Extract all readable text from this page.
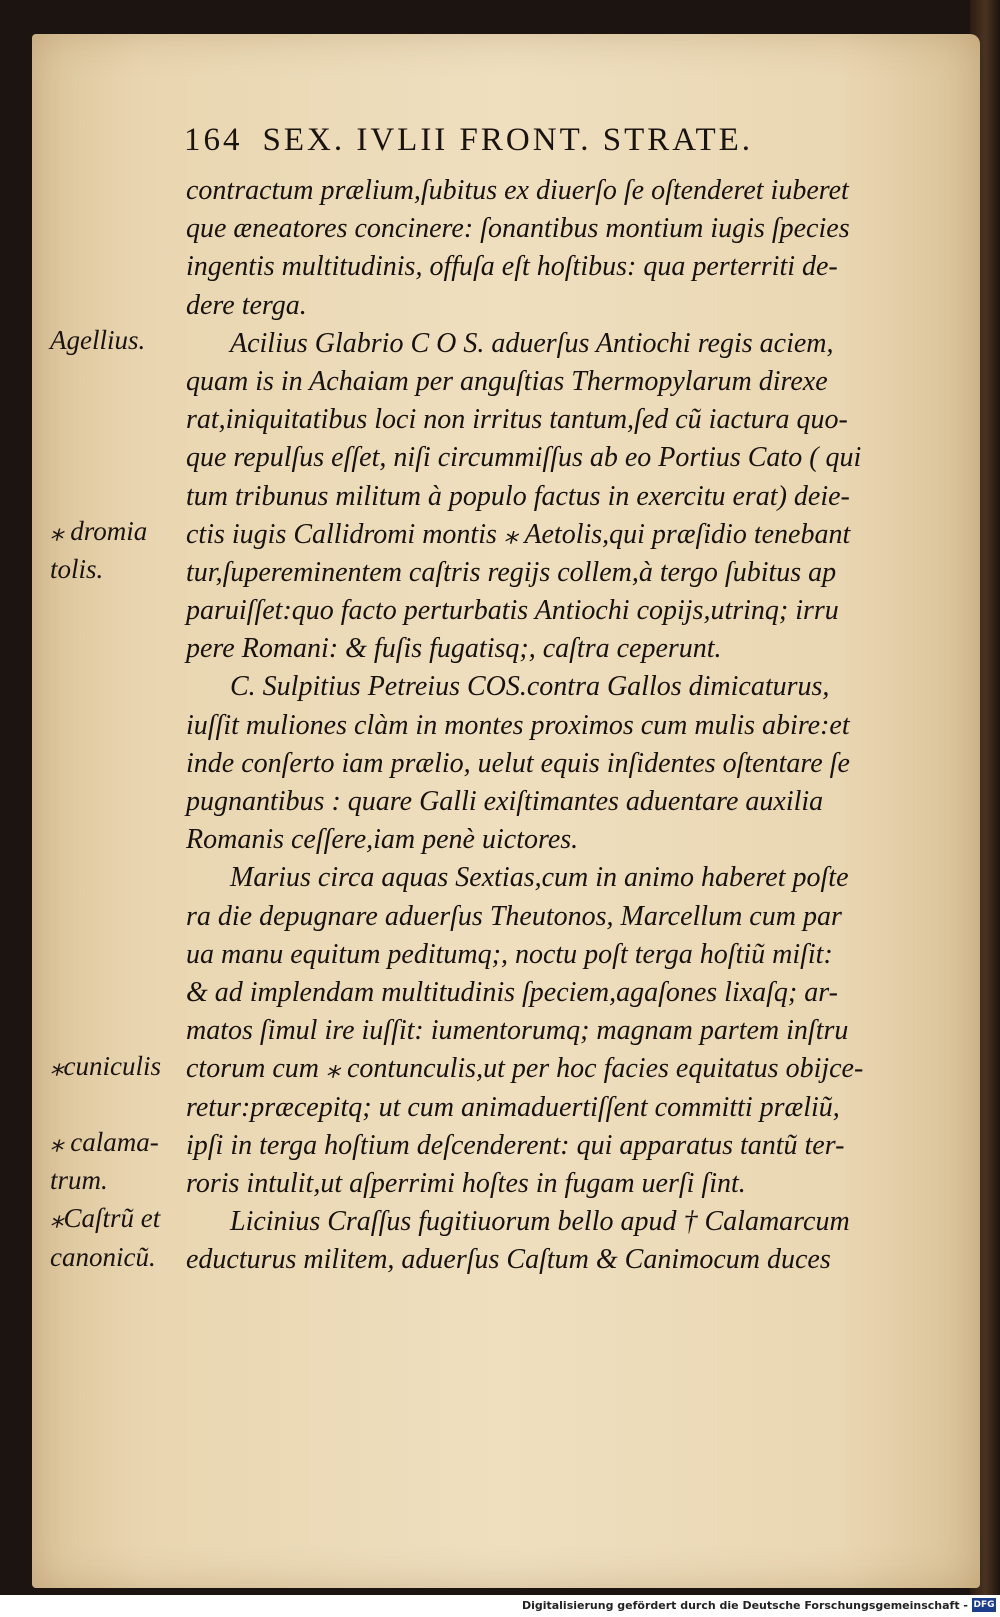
164 SEX. IVLII FRONT. STRATE.
contractum prælium,ſubitus ex diuerſo ſe oſtenderet iuberet
que æneatores concinere: ſonantibus montium iugis ſpecies
ingentis multitudinis, offuſa eſt hoſtibus: qua perterriti de-
dere terga.
Acilius Glabrio C O S. aduerſus Antiochi regis aciem,
quam is in Achaiam per anguſtias Thermopylarum direxe
rat,iniquitatibus loci non irritus tantum,ſed cũ iactura quo-
que repulſus eſſet, niſi circummiſſus ab eo Portius Cato ( qui
tum tribunus militum à populo factus in exercitu erat) deie-
ctis iugis Callidromi montis ⁎ Aetolis,qui præſidio tenebant
tur,ſupereminentem caſtris regijs collem,à tergo ſubitus ap
paruiſſet:quo facto perturbatis Antiochi copijs,utrinq; irru
pere Romani: & fuſis fugatisq;, caſtra ceperunt.
C. Sulpitius Petreius COS.contra Gallos dimicaturus,
iuſſit muliones clàm in montes proximos cum mulis abire:et
inde conſerto iam prælio, uelut equis inſidentes oſtentare ſe
pugnantibus : quare Galli exiſtimantes aduentare auxilia
Romanis ceſſere,iam penè uictores.
Marius circa aquas Sextias,cum in animo haberet poſte
ra die depugnare aduerſus Theutonos, Marcellum cum par
ua manu equitum peditumq;, noctu poſt terga hoſtiũ miſit:
& ad implendam multitudinis ſpeciem,agaſones lixaſq; ar-
matos ſimul ire iuſſit: iumentorumq; magnam partem inſtru
ctorum cum ⁎ contunculis,ut per hoc facies equitatus obijce-
retur:præcepitq; ut cum animaduertiſſent committi præliũ,
ipſi in terga hoſtium deſcenderent: qui apparatus tantũ ter-
roris intulit,ut aſperrimi hoſtes in fugam uerſi ſint.
Licinius Craſſus fugitiuorum bello apud † Calamarcum
educturus militem, aduerſus Caſtum & Canimocum duces
Agellius.
⁎ dromia
tolis.
⁎cuniculis
⁎ calama-
trum.
⁎Caſtrũ et
canonicũ.
Digitalisierung gefördert durch die Deutsche Forschungsgemeinschaft - DFG
